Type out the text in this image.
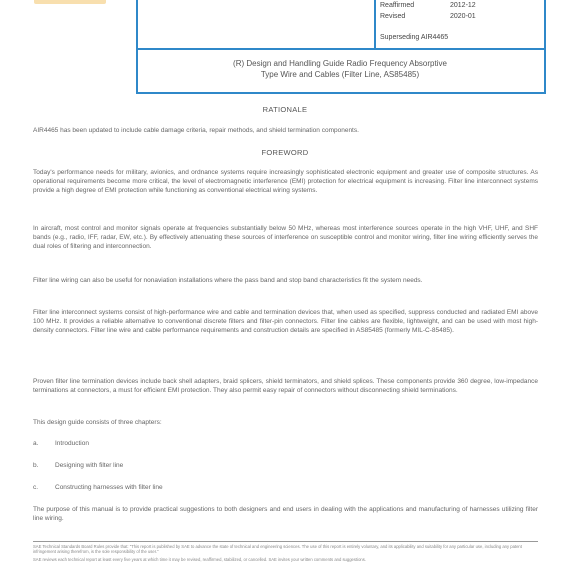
Reaffirmed	2012-12
Revised	2020-01
Superseding AIR4465
(R) Design and Handling Guide Radio Frequency Absorptive
Type Wire and Cables (Filter Line, AS85485)
RATIONALE

AIR4465 has been updated to include cable damage criteria, repair methods, and shield termination components.

FOREWORD

Today's performance needs for military, avionics, and ordnance systems require increasingly sophisticated electronic equipment and greater use of composite structures. As operational requirements become more critical, the level of electromagnetic interference (EMI) protection for electrical equipment is increasing. Filter line interconnect systems provide a high degree of EMI protection while functioning as conventional electrical wiring systems.

In aircraft, most control and monitor signals operate at frequencies substantially below 50 MHz, whereas most interference sources operate in the high VHF, UHF, and SHF bands (e.g., radio, IFF, radar, EW, etc.). By effectively attenuating these sources of interference on susceptible control and monitor wiring, filter line wiring efficiently serves the dual roles of filtering and interconnection.

Filter line wiring can also be useful for nonaviation installations where the pass band and stop band characteristics fit the system needs.

Filter line interconnect systems consist of high-performance wire and cable and termination devices that, when used as specified, suppress conducted and radiated EMI above 100 MHz. It provides a reliable alternative to conventional discrete filters and filter-pin connectors. Filter line cables are flexible, lightweight, and can be used with most high-density connectors. Filter line wire and cable performance requirements and construction details are specified in AS85485 (formerly MIL-C-85485).

Proven filter line termination devices include back shell adapters, braid splicers, shield terminators, and shield splices. These components provide 360 degree, low-impedance terminations at connectors, a must for efficient EMI protection. They also permit easy repair of connectors without disconnecting shield terminations.

This design guide consists of three chapters:

a.	Introduction
b.	Designing with filter line
c.	Constructing harnesses with filter line

The purpose of this manual is to provide practical suggestions to both designers and end users in dealing with the applications and manufacturing of harnesses utilizing filter line wiring.

SAE Technical Standards Board Rules provide that: "This report is published by SAE to advance the state of technical and engineering sciences. The use of this report is entirely voluntary, and its applicability and suitability for any particular use, including any patent infringement arising therefrom, is the sole responsibility of the user."

SAE reviews each technical report at least every five years at which time it may be revised, reaffirmed, stabilized, or cancelled. SAE invites your written comments and suggestions.
